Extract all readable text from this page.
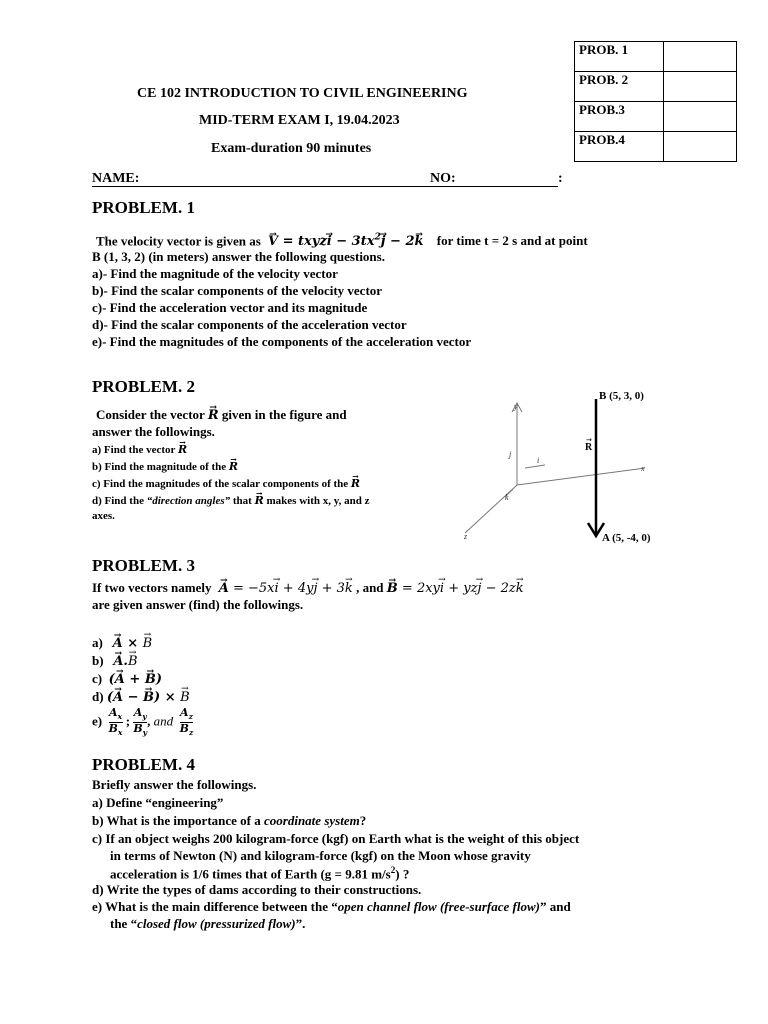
PROB. 1	
PROB. 2	
PROB.3	
PROB.4	
CE 102 INTRODUCTION TO CIVIL ENGINEERING
MID-TERM EXAM I, 19.04.2023
Exam-duration 90 minutes
NAME:	NO:	:
PROBLEM. 1
The velocity vector is given as → V = txyz→ $i - 3tx^2\to j - 2\to k$ for time t = 2 s and at point
B (1, 3, 2) (in meters) answer the following questions.
a)- Find the magnitude of the velocity vector
b)- Find the scalar components of the velocity vector
c)- Find the acceleration vector and its magnitude
d)- Find the scalar components of the acceleration vector
e)- Find the magnitudes of the components of the acceleration vector
PROBLEM. 2
Consider the vector → R given in the figure and
answer the followings.
a) Find the vector → R
b) Find the magnitude of the → R
c) Find the magnitudes of the scalar components of the → R
d) Find the “direction angles” that → R makes with x, y, and z
axes.
y
x
z
j
i
k
R
→
B (5, 3, 0)
A (5, -4, 0)
PROBLEM. 3
If two vectors namely → A = −5x→ i + 4y→ j + 3→ k , and → B = 2xy→ i + yz→ j − 2z→ k
are given answer (find) the followings.
a) → A × → B
b) → A.→ B
c) (→ A + → B)
d) (→ A − → B) × → B
$e) \frac{A_x}{B_x}$ ; $\frac{A_y}{B_y}$ , and $\frac{A_z}{B_z}$
PROBLEM. 4
Briefly answer the followings.
a) Define “engineering”
b) What is the importance of a coordinate system?
c) If an object weighs 200 kilogram-force (kgf) on Earth what is the weight of this object
in terms of Newton (N) and kilogram-force (kgf) on the Moon whose gravity
acceleration is 1/6 times that of Earth (g = 9.81 $m/s^2$) ?
d) Write the types of dams according to their constructions.
e) What is the main difference between the “open channel flow (free-surface flow)” and
the “closed flow (pressurized flow)”.
